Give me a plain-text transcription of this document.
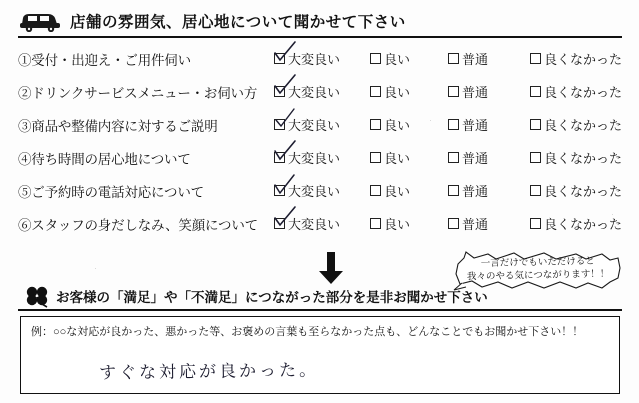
店舗の雰囲気、居心地について聞かせて下さい
①受付・出迎え・ご用件伺い	大変良い	良い	普通	良くなかった
②ドリンクサービスメニュー・お伺い方	大変良い	良い	普通	良くなかった
③商品や整備内容に対するご説明	大変良い	良い	普通	良くなかった
④待ち時間の居心地について	大変良い	良い	普通	良くなかった
⑤ご予約時の電話対応について	大変良い	良い	普通	良くなかった
⑥スタッフの身だしなみ、笑顔について	大変良い	良い	普通	良くなかった
一言だけでもいただけると
我々のやる気につながります！！
お客様の「満足」や「不満足」につながった部分を是非お聞かせ下さい
例：○○な対応が良かった、悪かった等、お褒めの言葉も至らなかった点も、どんなことでもお聞かせ下さい！！
すぐな対応が良かった。
